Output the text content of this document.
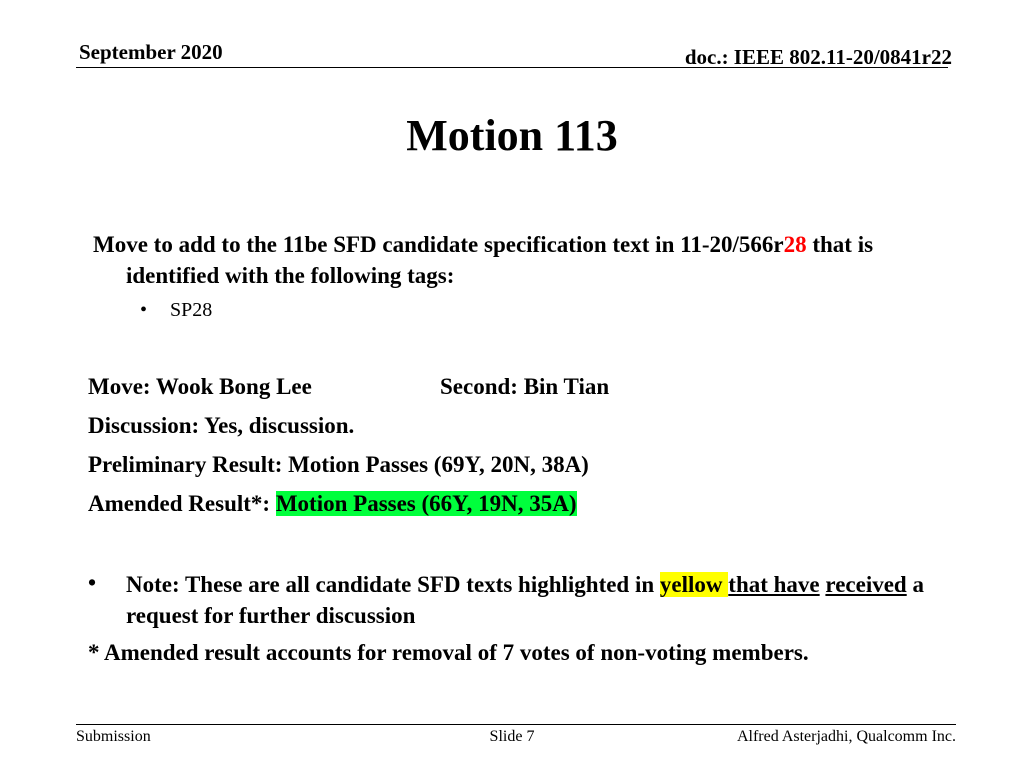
September 2020	doc.: IEEE 802.11-20/0841r22
Motion 113
Move to add to the 11be SFD candidate specification text in 11-20/566r28 that is identified with the following tags:
• SP28
Move: Wook Bong Lee	Second: Bin Tian
Discussion: Yes, discussion.
Preliminary Result: Motion Passes (69Y, 20N, 38A)
Amended Result*: Motion Passes (66Y, 19N, 35A)
• Note: These are all candidate SFD texts highlighted in yellow that have received a request for further discussion
* Amended result accounts for removal of 7 votes of non-voting members.
Submission	Slide 7	Alfred Asterjadhi, Qualcomm Inc.
